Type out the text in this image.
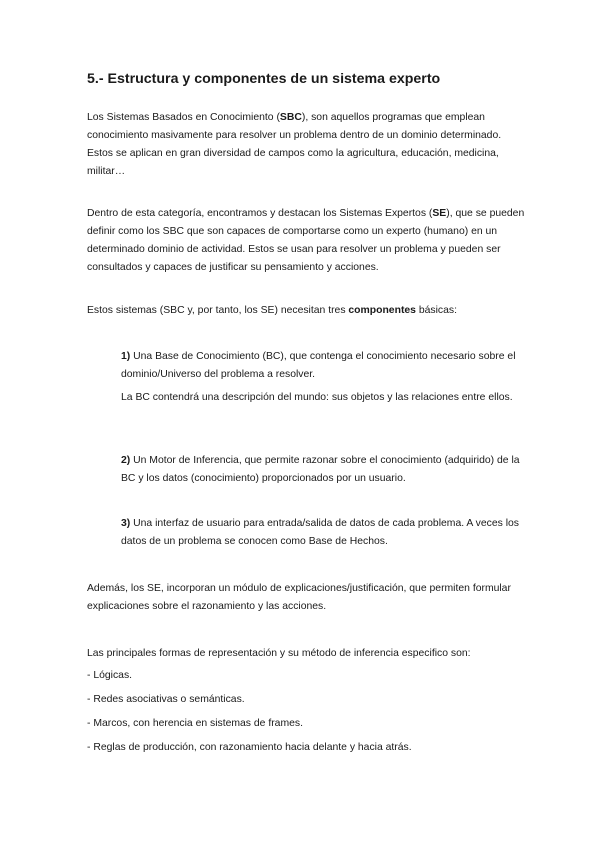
5.- Estructura y componentes de un sistema experto

Los Sistemas Basados en Conocimiento (SBC), son aquellos programas que emplean conocimiento masivamente para resolver un problema dentro de un dominio determinado. Estos se aplican en gran diversidad de campos como la agricultura, educación, medicina, militar…

Dentro de esta categoría, encontramos y destacan los Sistemas Expertos (SE), que se pueden definir como los SBC que son capaces de comportarse como un experto (humano) en un determinado dominio de actividad. Estos se usan para resolver un problema y pueden ser consultados y capaces de justificar su pensamiento y acciones.

Estos sistemas (SBC y, por tanto, los SE) necesitan tres componentes básicas:

1) Una Base de Conocimiento (BC), que contenga el conocimiento necesario sobre el dominio/Universo del problema a resolver.

La BC contendrá una descripción del mundo: sus objetos y las relaciones entre ellos.

2) Un Motor de Inferencia, que permite razonar sobre el conocimiento (adquirido) de la BC y los datos (conocimiento) proporcionados por un usuario.

3) Una interfaz de usuario para entrada/salida de datos de cada problema. A veces los datos de un problema se conocen como Base de Hechos.

Además, los SE, incorporan un módulo de explicaciones/justificación, que permiten formular explicaciones sobre el razonamiento y las acciones.

Las principales formas de representación y su método de inferencia especifico son:

- Lógicas.

- Redes asociativas o semánticas.

- Marcos, con herencia en sistemas de frames.

- Reglas de producción, con razonamiento hacia delante y hacia atrás.
